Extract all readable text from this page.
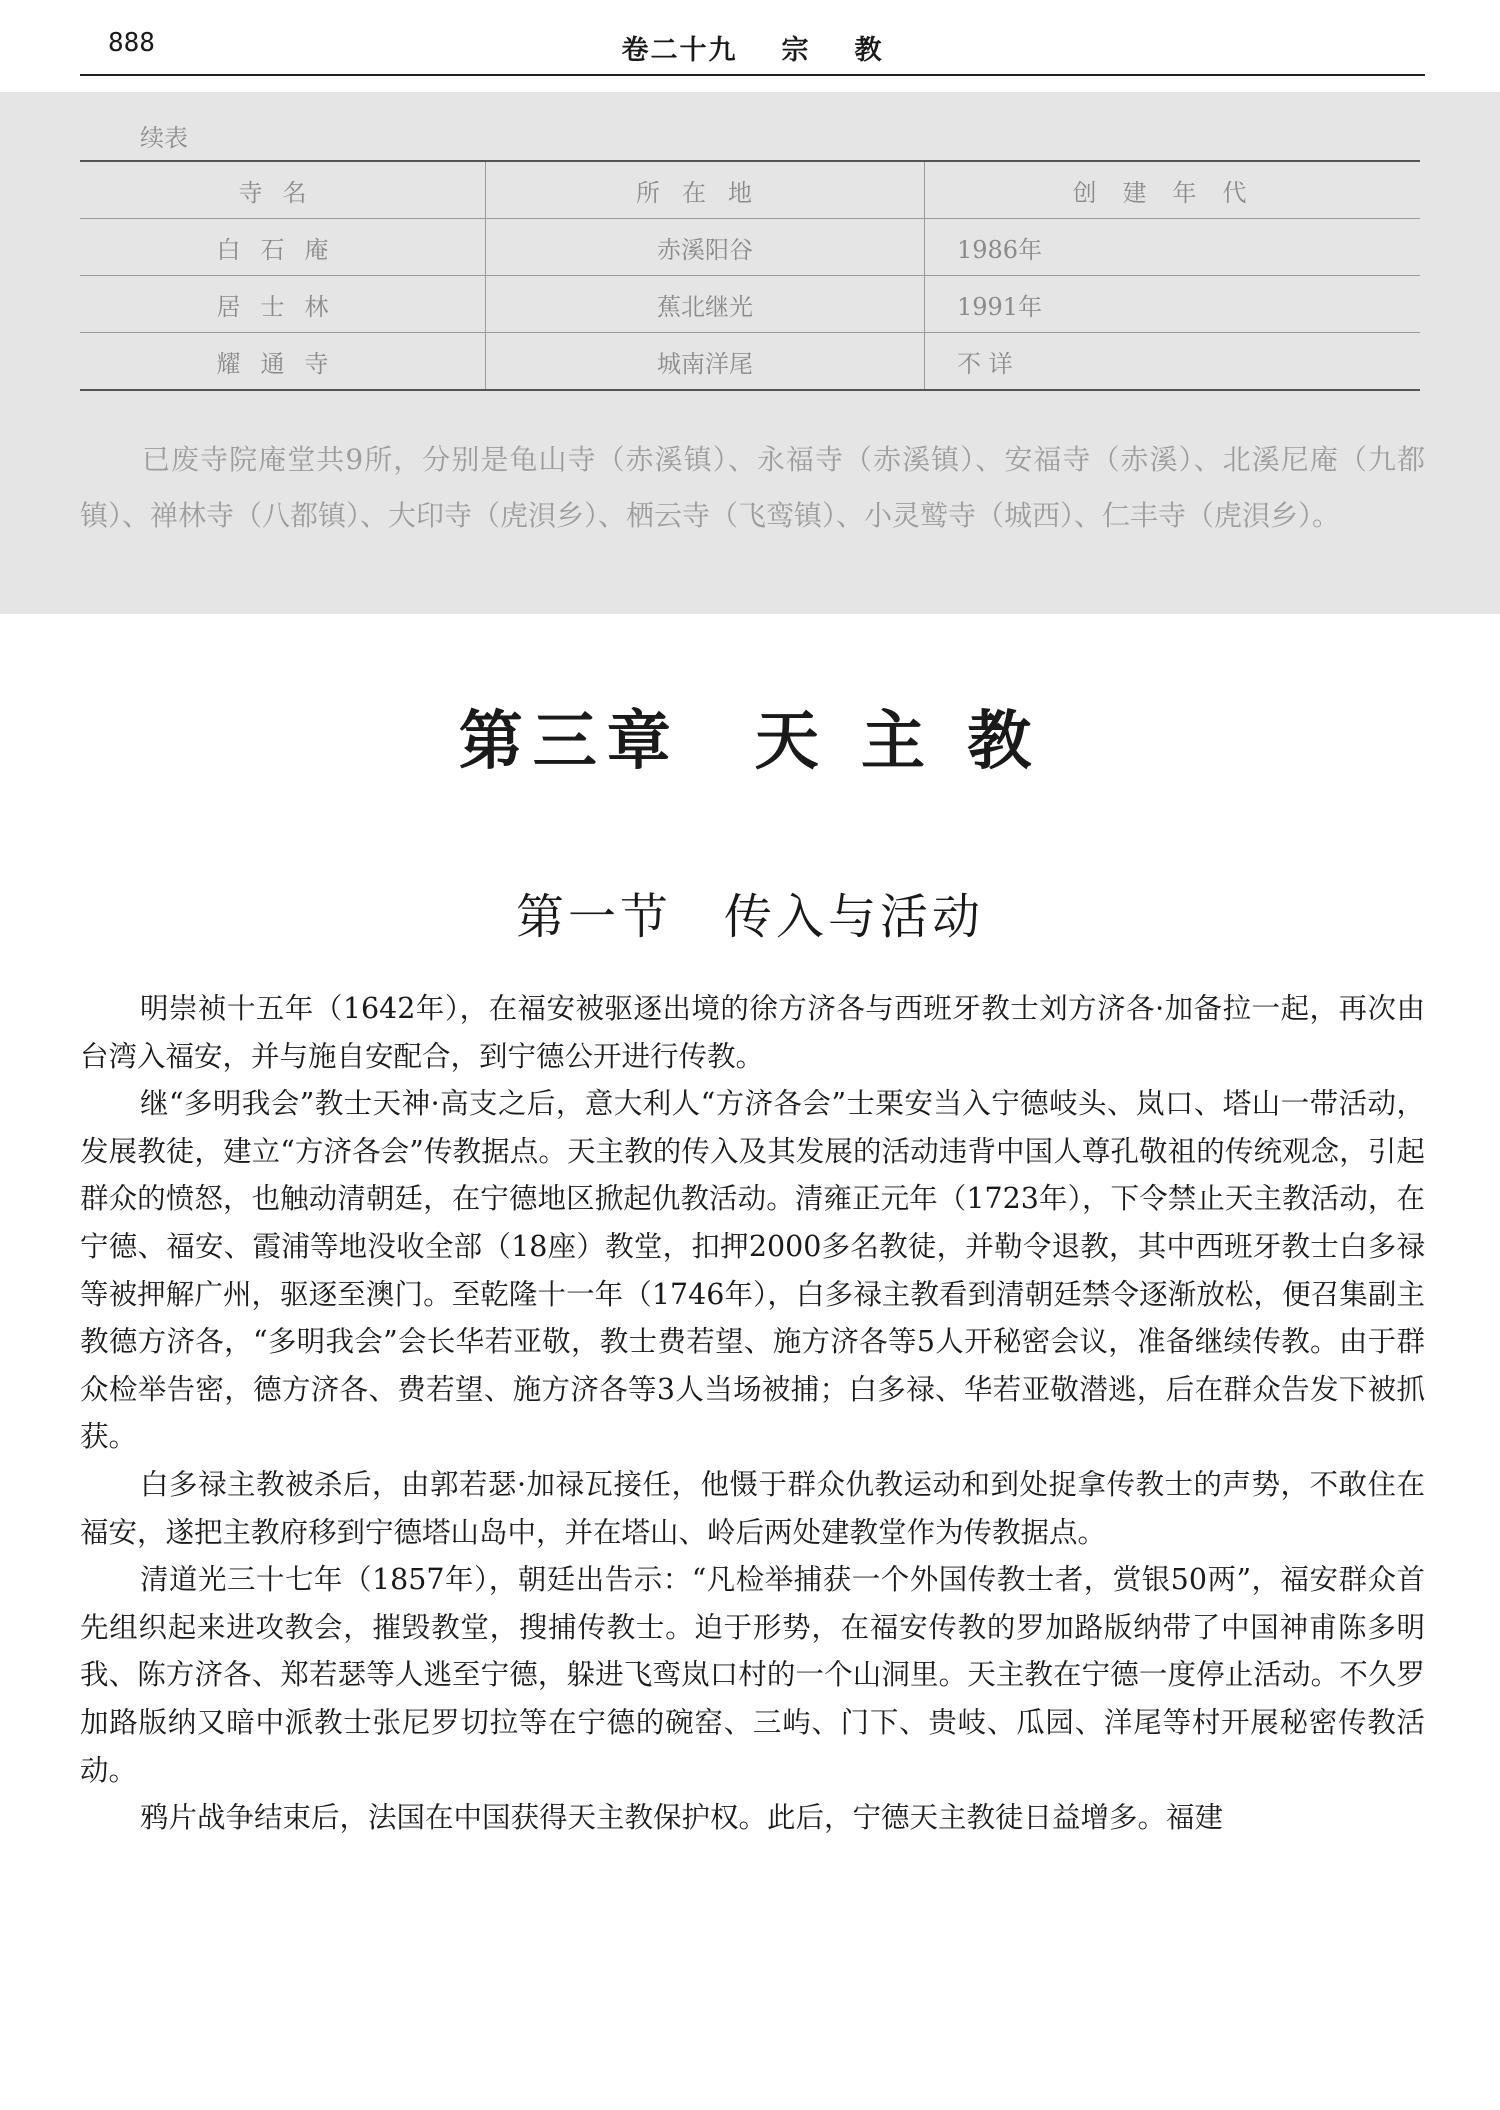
888	卷二十九 宗 教
续表
寺名	所在地	创建年代
白石庵	赤溪阳谷	1986年
居士林	蕉北继光	1991年
耀通寺	城南洋尾	不 详

已废寺院庵堂共9所，分别是龟山寺（赤溪镇）、永福寺（赤溪镇）、安福寺（赤溪）、北溪尼庵（九都镇）、禅林寺（八都镇）、大印寺（虎浿乡）、栖云寺（飞鸾镇）、小灵鹫寺（城西）、仁丰寺（虎浿乡）。

第三章　天 主 教
第一节　传入与活动

明崇祯十五年（1642年），在福安被驱逐出境的徐方济各与西班牙教士刘方济各·加备拉一起，再次由台湾入福安，并与施自安配合，到宁德公开进行传教。

继“多明我会”教士天神·高支之后，意大利人“方济各会”士栗安当入宁德岐头、岚口、塔山一带活动，发展教徒，建立“方济各会”传教据点。天主教的传入及其发展的活动违背中国人尊孔敬祖的传统观念，引起群众的愤怒，也触动清朝廷，在宁德地区掀起仇教活动。清雍正元年（1723年），下令禁止天主教活动，在宁德、福安、霞浦等地没收全部（18座）教堂，扣押2000多名教徒，并勒令退教，其中西班牙教士白多禄等被押解广州，驱逐至澳门。至乾隆十一年（1746年），白多禄主教看到清朝廷禁令逐渐放松，便召集副主教德方济各，“多明我会”会长华若亚敬，教士费若望、施方济各等5人开秘密会议，准备继续传教。由于群众检举告密，德方济各、费若望、施方济各等3人当场被捕；白多禄、华若亚敬潜逃，后在群众告发下被抓获。

白多禄主教被杀后，由郭若瑟·加禄瓦接任，他慑于群众仇教运动和到处捉拿传教士的声势，不敢住在福安，遂把主教府移到宁德塔山岛中，并在塔山、岭后两处建教堂作为传教据点。

清道光三十七年（1857年），朝廷出告示：“凡检举捕获一个外国传教士者，赏银50两”，福安群众首先组织起来进攻教会，摧毁教堂，搜捕传教士。迫于形势，在福安传教的罗加路版纳带了中国神甫陈多明我、陈方济各、郑若瑟等人逃至宁德，躲进飞鸾岚口村的一个山洞里。天主教在宁德一度停止活动。不久罗加路版纳又暗中派教士张尼罗切拉等在宁德的碗窑、三屿、门下、贵岐、瓜园、洋尾等村开展秘密传教活动。

鸦片战争结束后，法国在中国获得天主教保护权。此后，宁德天主教徒日益增多。福建
